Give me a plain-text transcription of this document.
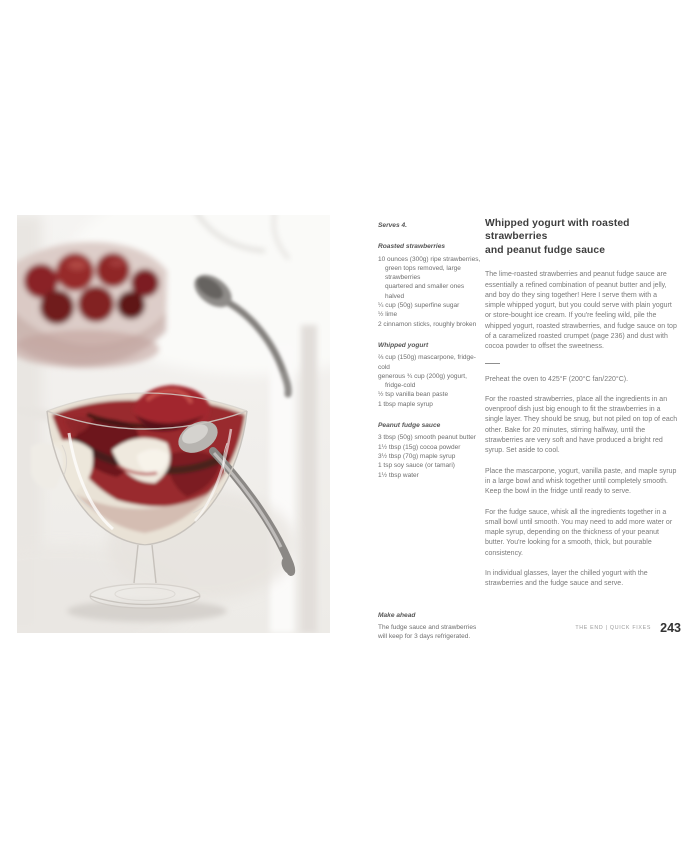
Serves 4.

Roasted strawberries

10 ounces (300g) ripe strawberries,

green tops removed, large strawberries

quartered and smaller ones halved

¼ cup (50g) superfine sugar

½ lime

2 cinnamon sticks, roughly broken

Whipped yogurt

⅔ cup (150g) mascarpone, fridge-cold

generous ¾ cup (200g) yogurt,

fridge-cold

½ tsp vanilla bean paste

1 tbsp maple syrup

Peanut fudge sauce

3 tbsp (50g) smooth peanut butter

1½ tbsp (15g) cocoa powder

3½ tbsp (70g) maple syrup

1 tsp soy sauce (or tamari)

1½ tbsp water

Make ahead

The fudge sauce and strawberries

will keep for 3 days refrigerated.

Whipped yogurt with roasted strawberries
and peanut fudge sauce

The lime-roasted strawberries and peanut fudge sauce are essentially a refined combination of peanut butter and jelly, and boy do they sing together! Here I serve them with a simple whipped yogurt, but you could serve with plain yogurt or store-bought ice cream. If you're feeling wild, pile the whipped yogurt, roasted strawberries, and fudge sauce on top of a caramelized roasted crumpet (page 236) and dust with cocoa powder to offset the sweetness.

Preheat the oven to 425°F (200°C fan/220°C).

For the roasted strawberries, place all the ingredients in an ovenproof dish just big enough to fit the strawberries in a single layer. They should be snug, but not piled on top of each other. Bake for 20 minutes, stirring halfway, until the strawberries are very soft and have produced a bright red syrup. Set aside to cool.

Place the mascarpone, yogurt, vanilla paste, and maple syrup in a large bowl and whisk together until completely smooth. Keep the bowl in the fridge until ready to serve.

For the fudge sauce, whisk all the ingredients together in a small bowl until smooth. You may need to add more water or maple syrup, depending on the thickness of your peanut butter. You're looking for a smooth, thick, but pourable consistency.

In individual glasses, layer the chilled yogurt with the strawberries and the fudge sauce and serve.

THE END | QUICK FIXES 243
